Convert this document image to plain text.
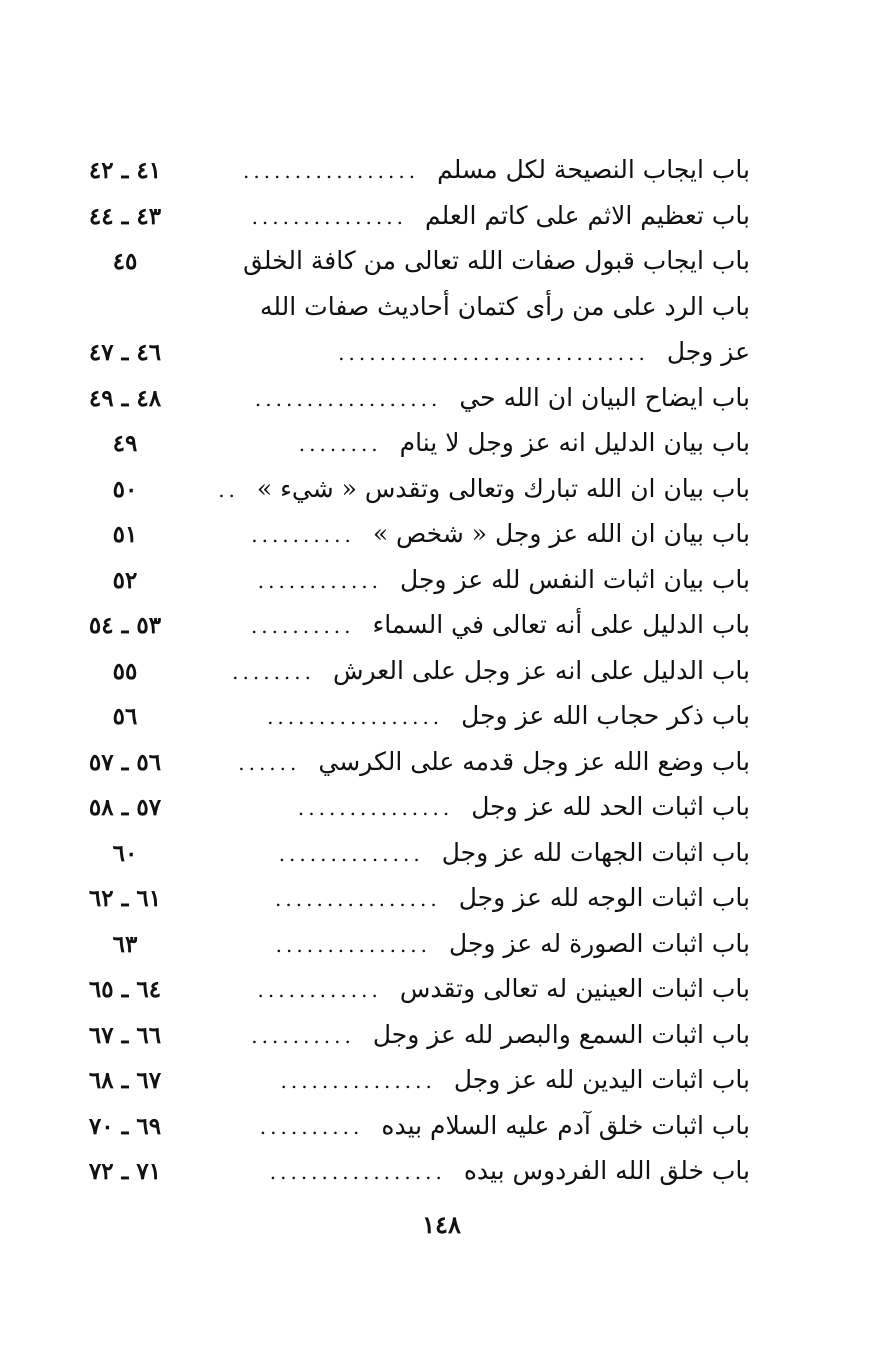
باب ايجاب النصيحة لكل مسلم
.................
٤١ ـ ٤٢
باب تعظيم الاثم على كاتم العلم
...............
٤٣ ـ ٤٤
باب ايجاب قبول صفات الله تعالى من كافة الخلق
٤٥
باب الرد على من رأى كتمان أحاديث صفات الله
عز وجل
..............................
٤٦ ـ ٤٧
باب ايضاح البيان ان الله حي
..................
٤٨ ـ ٤٩
باب بيان الدليل انه عز وجل لا ينام
........
٤٩
باب بيان ان الله تبارك وتعالى وتقدس « شيء »
..
٥٠
باب بيان ان الله عز وجل « شخص »
..........
٥١
باب بيان اثبات النفس لله عز وجل
............
٥٢
باب الدليل على أنه تعالى في السماء
..........
٥٣ ـ ٥٤
باب الدليل على انه عز وجل على العرش
........
٥٥
باب ذكر حجاب الله عز وجل
.................
٥٦
باب وضع الله عز وجل قدمه على الكرسي
......
٥٦ ـ ٥٧
باب اثبات الحد لله عز وجل
...............
٥٧ ـ ٥٨
باب اثبات الجهات لله عز وجل
..............
٦٠
باب اثبات الوجه لله عز وجل
................
٦١ ـ ٦٢
باب اثبات الصورة له عز وجل
...............
٦٣
باب اثبات العينين له تعالى وتقدس
............
٦٤ ـ ٦٥
باب اثبات السمع والبصر لله عز وجل
..........
٦٦ ـ ٦٧
باب اثبات اليدين لله عز وجل
...............
٦٧ ـ ٦٨
باب اثبات خلق آدم عليه السلام بيده
..........
٦٩ ـ ٧٠
باب خلق الله الفردوس بيده
.................
٧١ ـ ٧٢
١٤٨
